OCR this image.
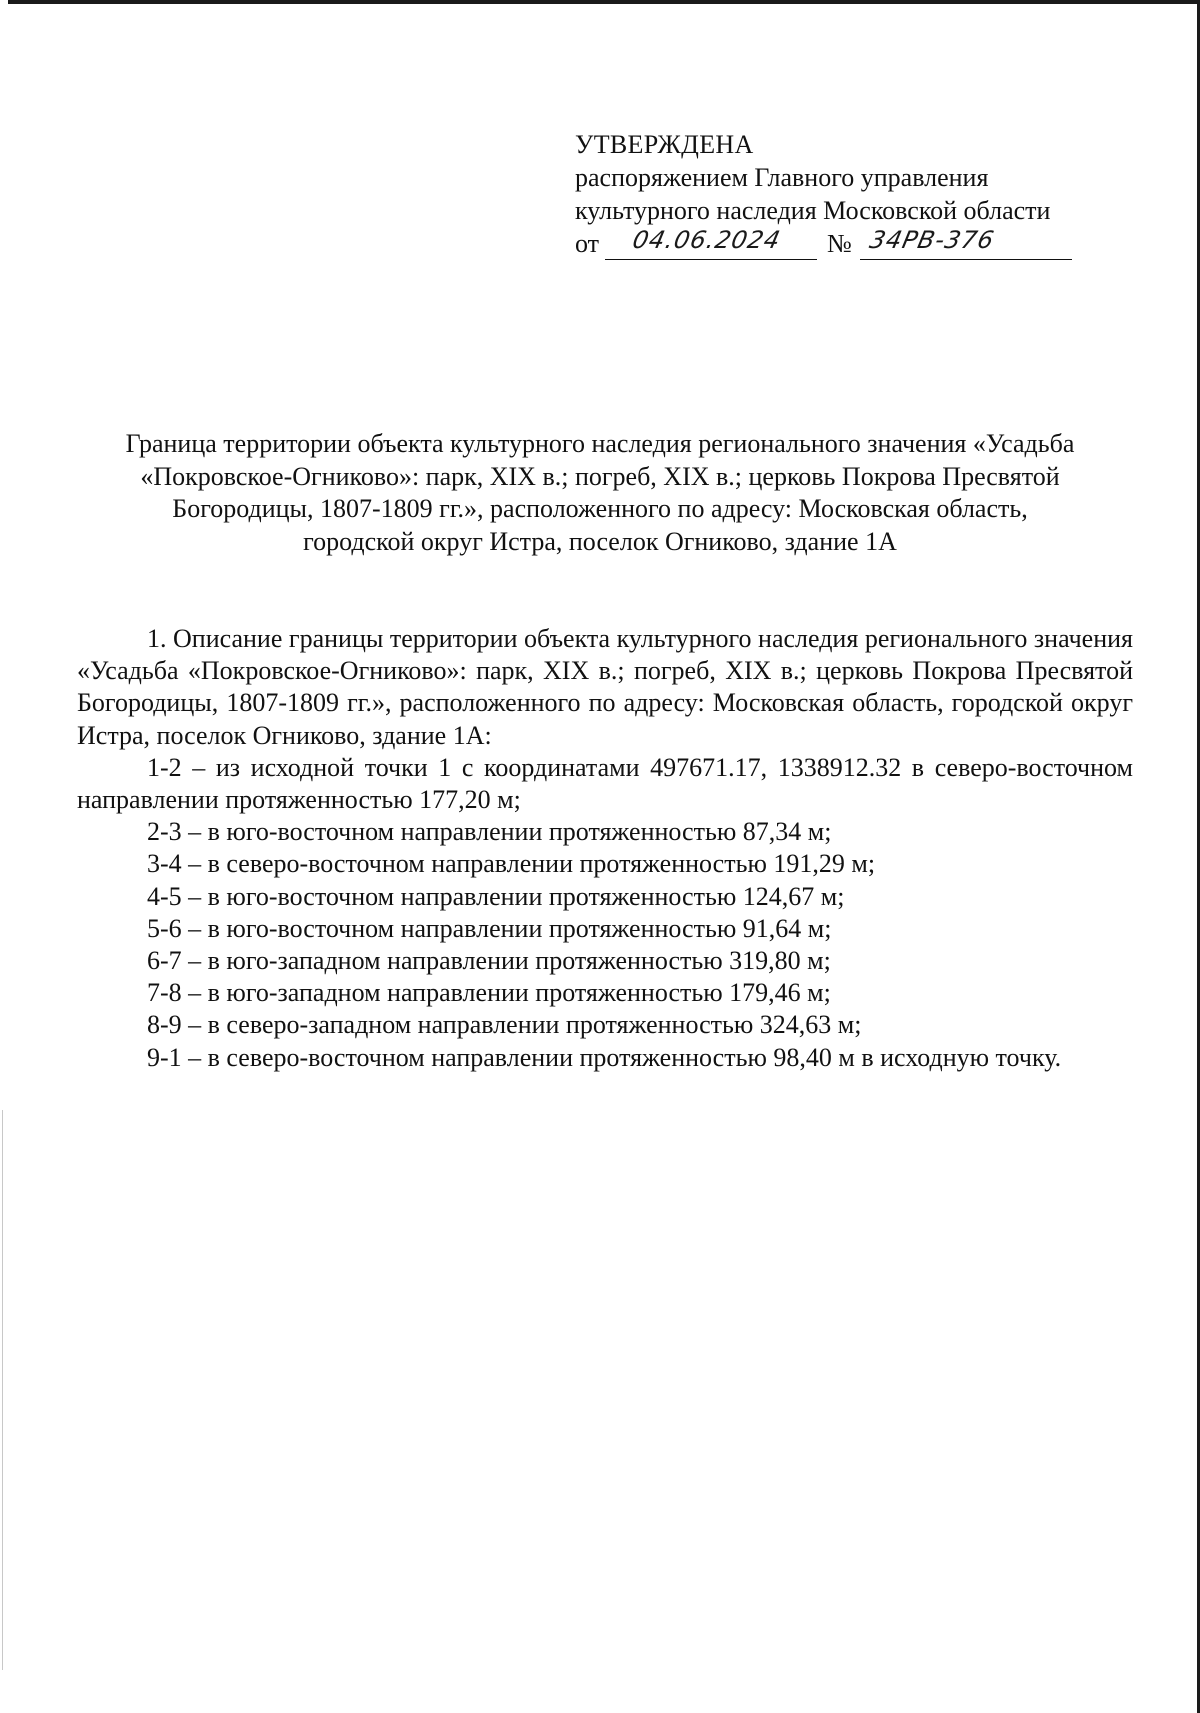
УТВЕРЖДЕНА
распоряжением Главного управления
культурного наследия Московской области
от 04.06.2024 № 34РВ-376
Граница территории объекта культурного наследия регионального значения «Усадьба
«Покровское-Огниково»: парк, XIX в.; погреб, XIX в.; церковь Покрова Пресвятой
Богородицы, 1807-1809 гг.», расположенного по адресу: Московская область,
городской округ Истра, поселок Огниково, здание 1А

1. Описание границы территории объекта культурного наследия регионального значения «Усадьба «Покровское-Огниково»: парк, XIX в.; погреб, XIX в.; церковь Покрова Пресвятой Богородицы, 1807-1809 гг.», расположенного по адресу: Московская область, городской округ Истра, поселок Огниково, здание 1А:

1-2 – из исходной точки 1 с координатами 497671.17, 1338912.32 в северо-восточном направлении протяженностью 177,20 м;

2-3 – в юго-восточном направлении протяженностью 87,34 м;

3-4 – в северо-восточном направлении протяженностью 191,29 м;

4-5 – в юго-восточном направлении протяженностью 124,67 м;

5-6 – в юго-восточном направлении протяженностью 91,64 м;

6-7 – в юго-западном направлении протяженностью 319,80 м;

7-8 – в юго-западном направлении протяженностью 179,46 м;

8-9 – в северо-западном направлении протяженностью 324,63 м;

9-1 – в северо-восточном направлении протяженностью 98,40 м в исходную точку.
